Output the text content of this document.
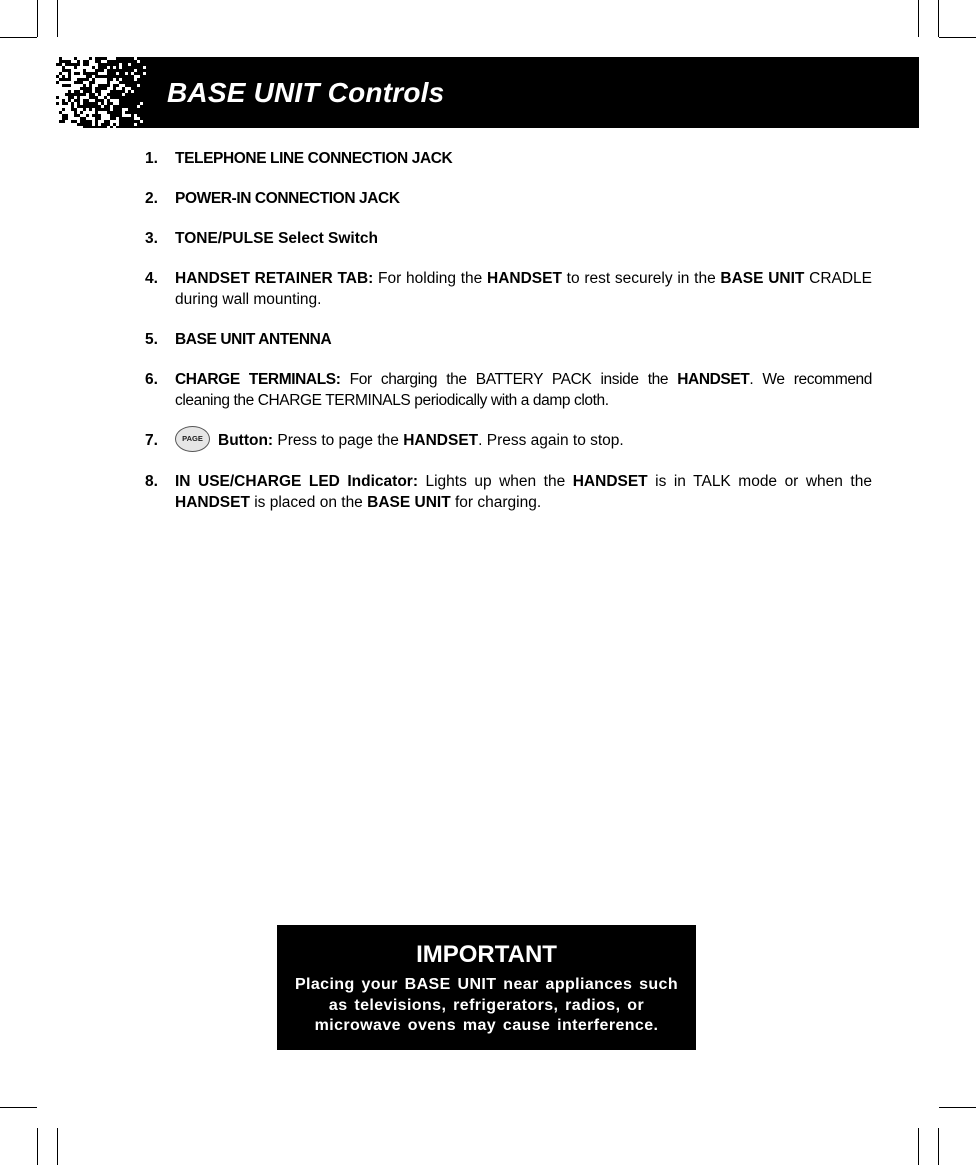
BASE UNIT Controls
1. TELEPHONE LINE CONNECTION JACK
2. POWER-IN CONNECTION JACK
3. TONE/PULSE Select Switch
4. HANDSET RETAINER TAB: For holding the HANDSET to rest securely in the BASE UNIT CRADLE during wall mounting.
5. BASE UNIT ANTENNA
6. CHARGE TERMINALS: For charging the BATTERY PACK inside the HANDSET. We recommend cleaning the CHARGE TERMINALS periodically with a damp cloth.
7.	PAGE Button: Press to page the HANDSET. Press again to stop.
8. IN USE/CHARGE LED Indicator: Lights up when the HANDSET is in TALK mode or when the HANDSET is placed on the BASE UNIT for charging.
IMPORTANT
Placing your BASE UNIT near appliances such
as televisions, refrigerators, radios, or
microwave ovens may cause interference.
